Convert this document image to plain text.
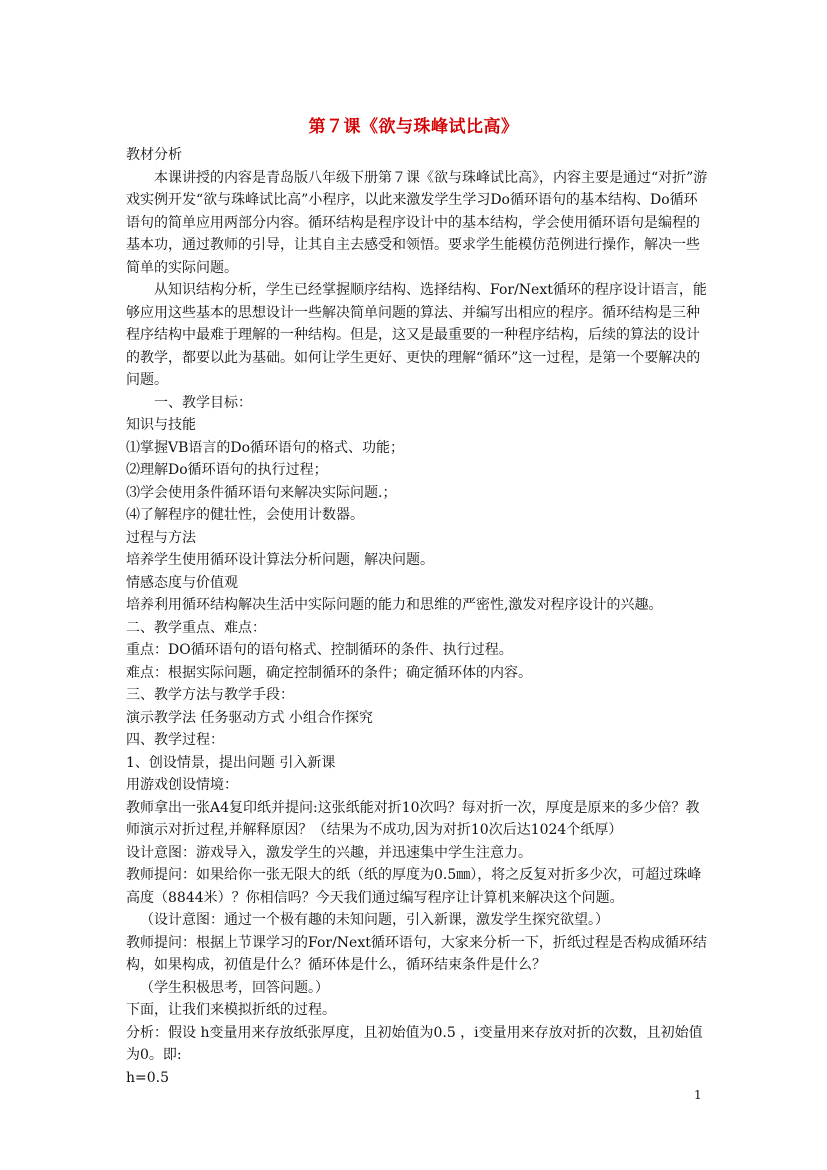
第７课《欲与珠峰试比高》

教材分析

本课讲授的内容是青岛版八年级下册第７课《欲与珠峰试比高》，内容主要是通过“对折”游戏实例开发“欲与珠峰试比高”小程序，以此来激发学生学习Do循环语句的基本结构、Do循环语句的简单应用两部分内容。循环结构是程序设计中的基本结构，学会使用循环语句是编程的基本功，通过教师的引导，让其自主去感受和领悟。要求学生能模仿范例进行操作，解决一些简单的实际问题。

从知识结构分析，学生已经掌握顺序结构、选择结构、For/Next循环的程序设计语言，能够应用这些基本的思想设计一些解决简单问题的算法、并编写出相应的程序。循环结构是三种程序结构中最难于理解的一种结构。但是，这又是最重要的一种程序结构，后续的算法的设计的教学，都要以此为基础。如何让学生更好、更快的理解“循环”这一过程，是第一个要解决的问题。

一、教学目标：

知识与技能

⑴掌握VB语言的Do循环语句的格式、功能；

⑵理解Do循环语句的执行过程；

⑶学会使用条件循环语句来解决实际问题.；

⑷了解程序的健壮性，会使用计数器。

过程与方法

培养学生使用循环设计算法分析问题，解决问题。

情感态度与价值观

培养利用循环结构解决生活中实际问题的能力和思维的严密性,激发对程序设计的兴趣。

二、教学重点、难点：

重点：DO循环语句的语句格式、控制循环的条件、执行过程。

难点：根据实际问题，确定控制循环的条件；确定循环体的内容。

三、教学方法与教学手段：

演示教学法 任务驱动方式 小组合作探究

四、教学过程：

1、创设情景，提出问题 引入新课

用游戏创设情境：

教师拿出一张A4复印纸并提问:这张纸能对折10次吗？每对折一次，厚度是原来的多少倍？教师演示对折过程,并解释原因？（结果为不成功,因为对折10次后达1024个纸厚）

设计意图：游戏导入，激发学生的兴趣，并迅速集中学生注意力。

教师提问：如果给你一张无限大的纸（纸的厚度为0.5㎜），将之反复对折多少次，可超过珠峰高度（8844米）？你相信吗？今天我们通过编写程序让计算机来解决这个问题。

（设计意图：通过一个极有趣的未知问题，引入新课，激发学生探究欲望。）

教师提问：根据上节课学习的For/Next循环语句，大家来分析一下，折纸过程是否构成循环结构，如果构成，初值是什么？循环体是什么，循环结束条件是什么？

（学生积极思考，回答问题。）

下面，让我们来模拟折纸的过程。

分析：假设 h变量用来存放纸张厚度，且初始值为0.5 ，i变量用来存放对折的次数，且初始值为0。即:

h=0.5

1
